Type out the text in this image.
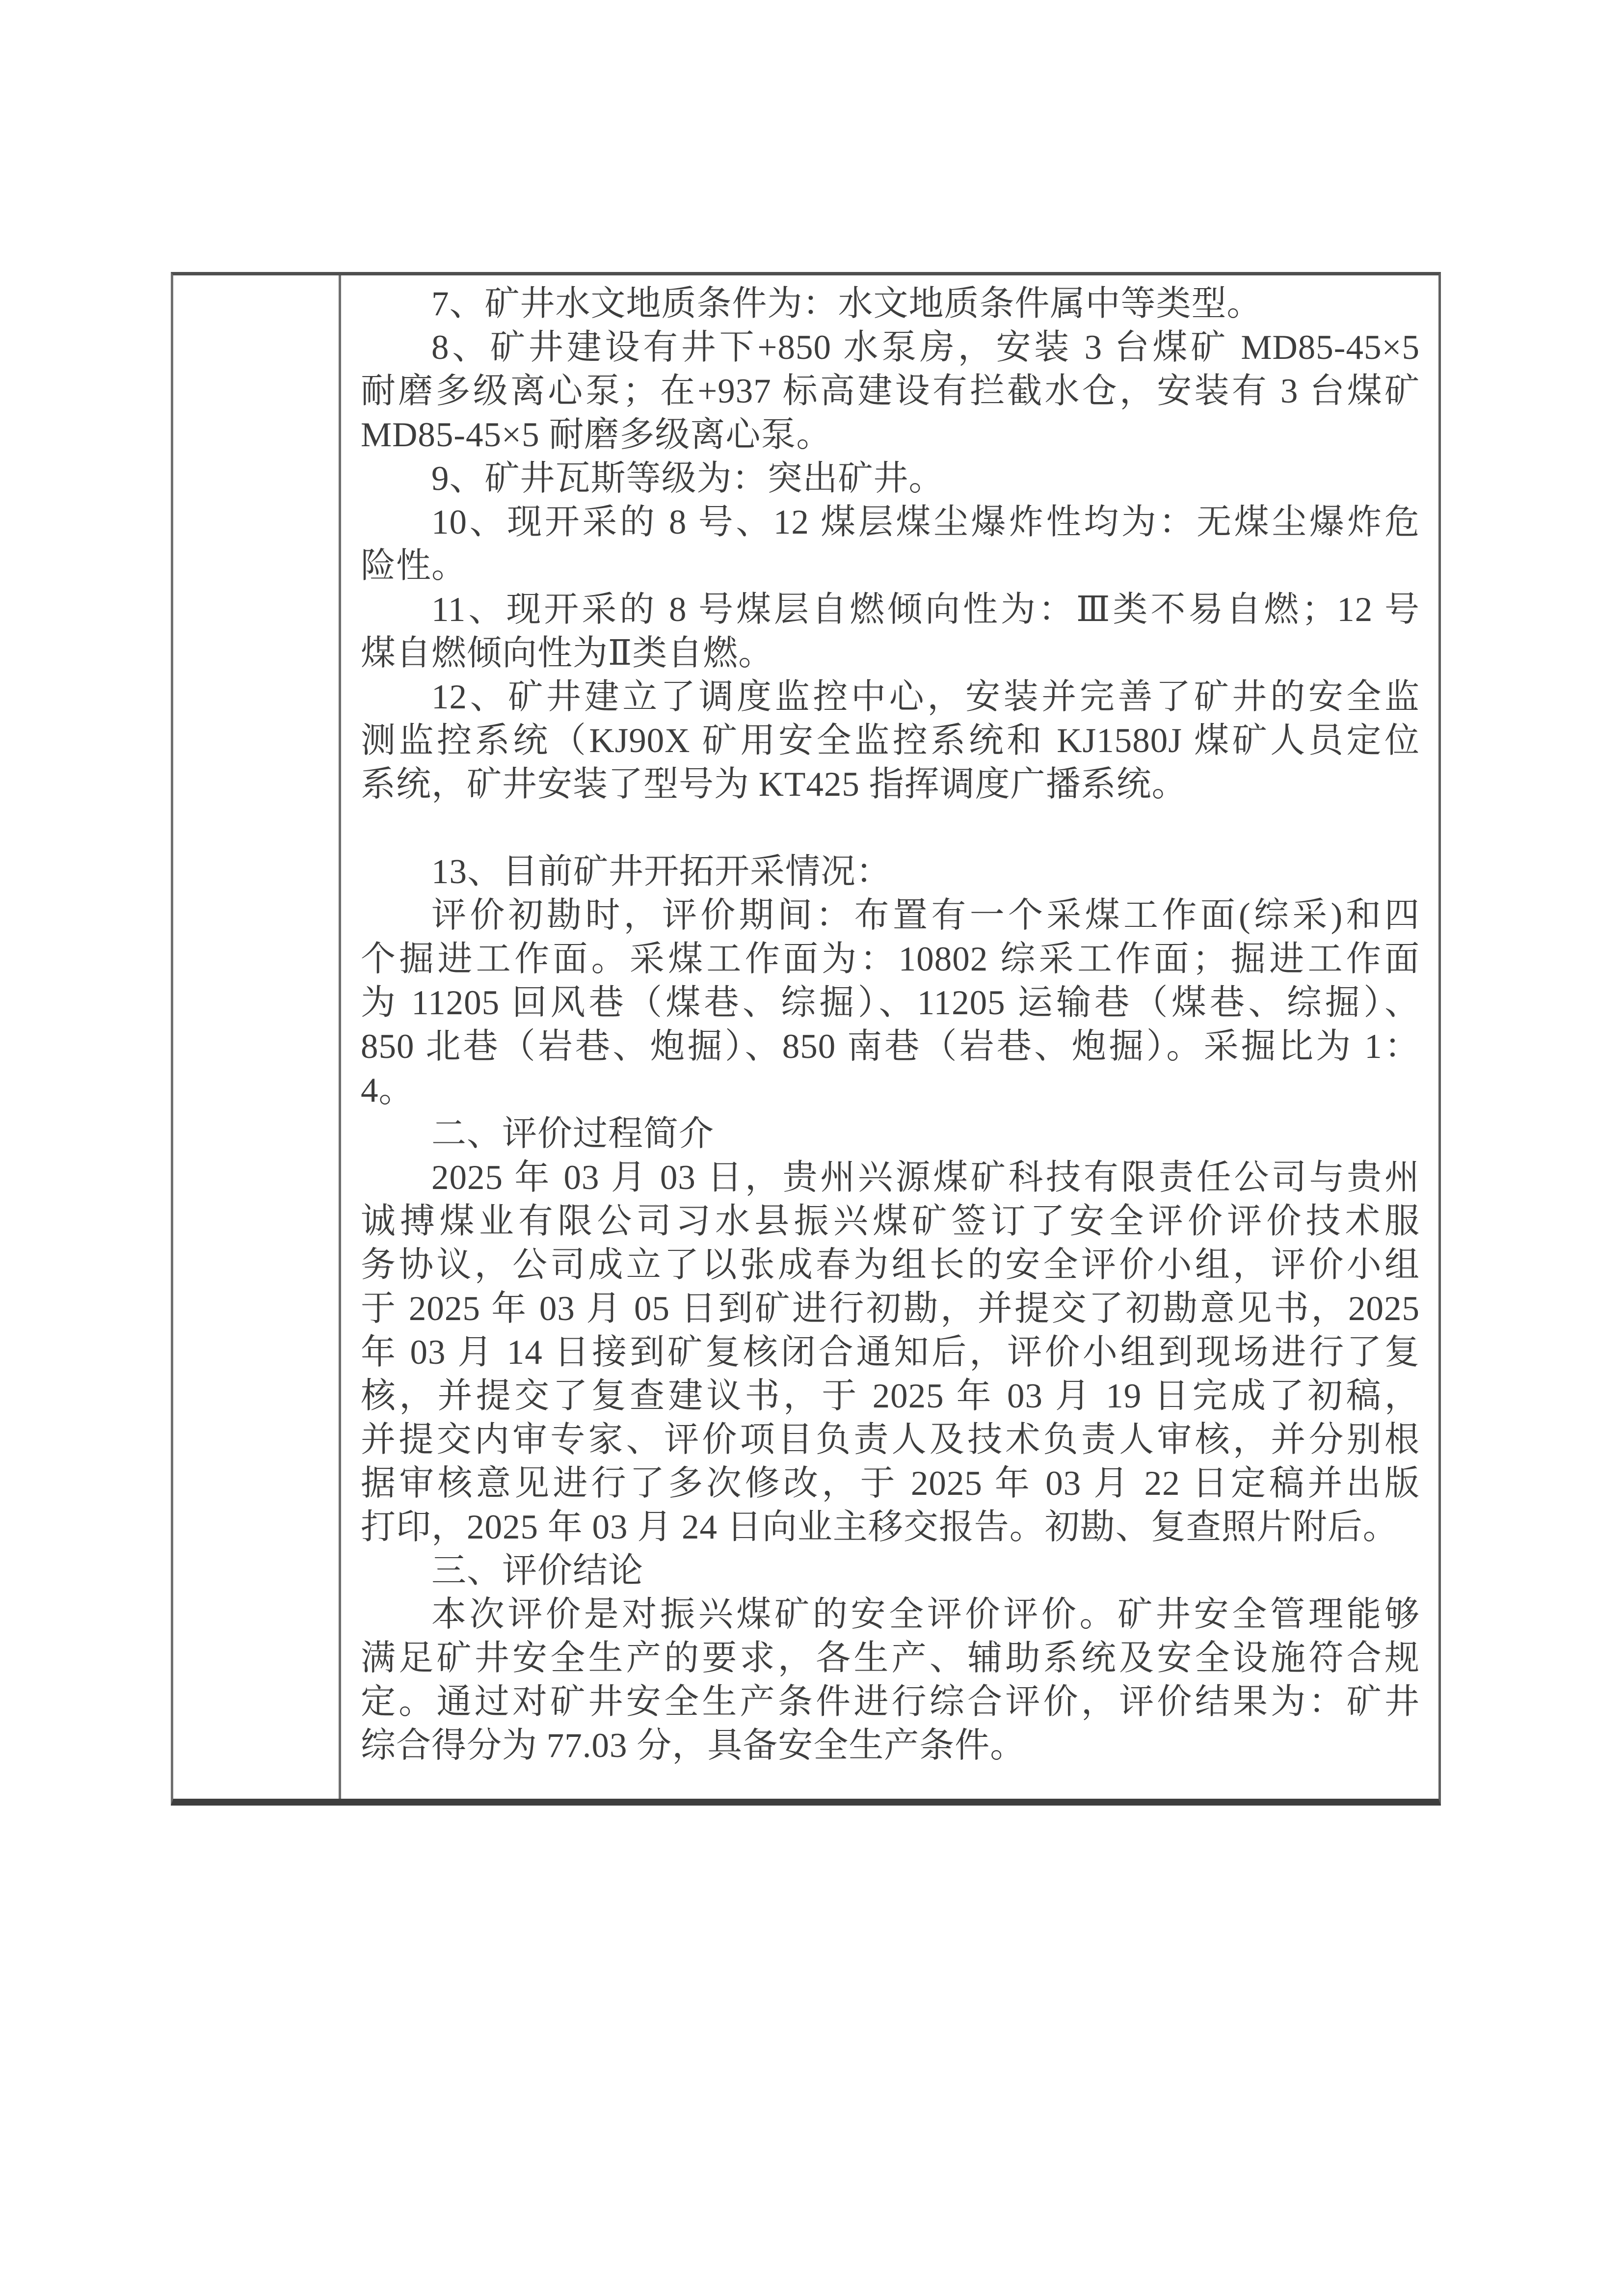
7、矿井水文地质条件为：水文地质条件属中等类型。
8、矿井建设有井下+850 水泵房，安装 3 台煤矿 MD85-45×5
耐磨多级离心泵；在+937 标高建设有拦截水仓，安装有 3 台煤矿
MD85-45×5 耐磨多级离心泵。
9、矿井瓦斯等级为：突出矿井。
10、现开采的 8 号、12 煤层煤尘爆炸性均为：无煤尘爆炸危
险性。
11、现开采的 8 号煤层自燃倾向性为：Ⅲ类不易自燃；12 号
煤自燃倾向性为Ⅱ类自燃。
12、矿井建立了调度监控中心，安装并完善了矿井的安全监
测监控系统（KJ90X 矿用安全监控系统和 KJ1580J 煤矿人员定位
系统，矿井安装了型号为 KT425 指挥调度广播系统。

13、目前矿井开拓开采情况：
评价初勘时，评价期间：布置有一个采煤工作面(综采)和四
个掘进工作面。采煤工作面为：10802 综采工作面；掘进工作面
为 11205 回风巷（煤巷、综掘）、11205 运输巷（煤巷、综掘）、
850 北巷（岩巷、炮掘）、850 南巷（岩巷、炮掘）。采掘比为 1：
4。
二、评价过程简介
2025 年 03 月 03 日，贵州兴源煤矿科技有限责任公司与贵州
诚搏煤业有限公司习水县振兴煤矿签订了安全评价评价技术服
务协议，公司成立了以张成春为组长的安全评价小组，评价小组
于 2025 年 03 月 05 日到矿进行初勘，并提交了初勘意见书，2025
年 03 月 14 日接到矿复核闭合通知后，评价小组到现场进行了复
核，并提交了复查建议书，于 2025 年 03 月 19 日完成了初稿，
并提交内审专家、评价项目负责人及技术负责人审核，并分别根
据审核意见进行了多次修改，于 2025 年 03 月 22 日定稿并出版
打印，2025 年 03 月 24 日向业主移交报告。初勘、复查照片附后。
三、评价结论
本次评价是对振兴煤矿的安全评价评价。矿井安全管理能够
满足矿井安全生产的要求，各生产、辅助系统及安全设施符合规
定。通过对矿井安全生产条件进行综合评价，评价结果为：矿井
综合得分为 77.03 分，具备安全生产条件。
